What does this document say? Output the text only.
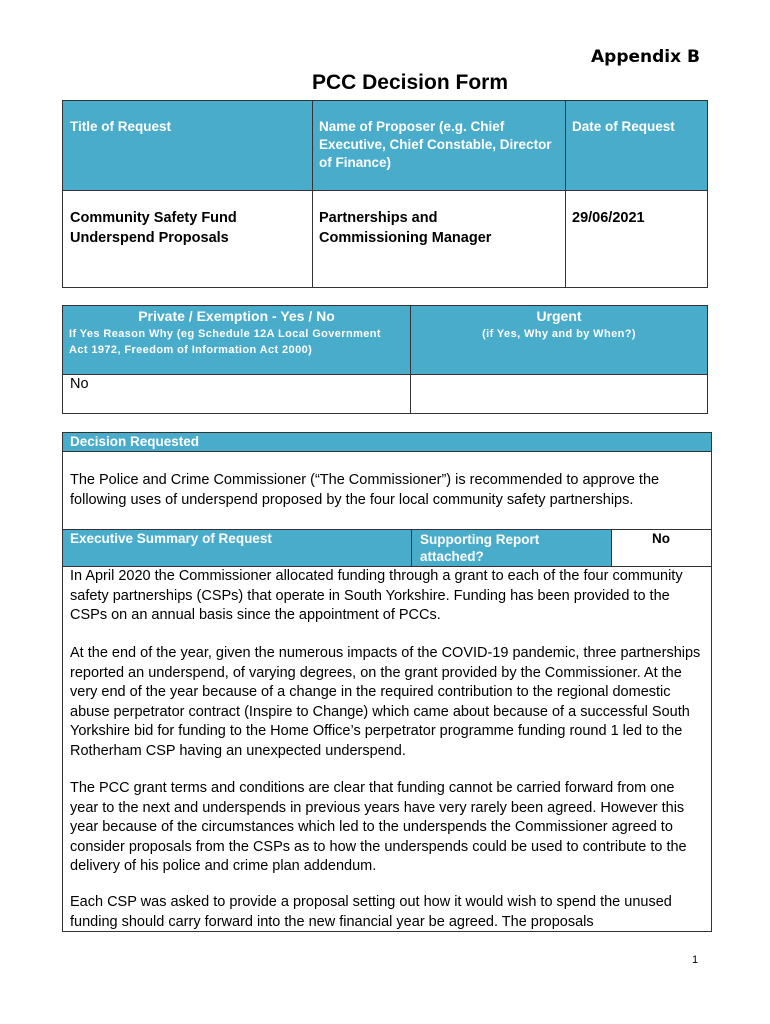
Appendix B
PCC Decision Form
Title of Request	Name of Proposer (e.g. Chief Executive, Chief Constable, Director of Finance)
Date of Request
Community Safety Fund Underspend Proposals
Partnerships and Commissioning Manager
29/06/2021
Private / Exemption - Yes / No
If Yes Reason Why (eg Schedule 12A Local Government Act 1972, Freedom of Information Act 2000)
Urgent
(if Yes, Why and by When?)
No
Decision Requested

The Police and Crime Commissioner (“The Commissioner”) is recommended to approve the following uses of underspend proposed by the four local community safety partnerships.

Executive Summary of Request	Supporting Report attached?
No

In April 2020 the Commissioner allocated funding through a grant to each of the four community safety partnerships (CSPs) that operate in South Yorkshire. Funding has been provided to the CSPs on an annual basis since the appointment of PCCs.

At the end of the year, given the numerous impacts of the COVID-19 pandemic, three partnerships reported an underspend, of varying degrees, on the grant provided by the Commissioner. At the very end of the year because of a change in the required contribution to the regional domestic abuse perpetrator contract (Inspire to Change) which came about because of a successful South Yorkshire bid for funding to the Home Office’s perpetrator programme funding round 1 led to the Rotherham CSP having an unexpected underspend.

The PCC grant terms and conditions are clear that funding cannot be carried forward from one year to the next and underspends in previous years have very rarely been agreed. However this year because of the circumstances which led to the underspends the Commissioner agreed to consider proposals from the CSPs as to how the underspends could be used to contribute to the delivery of his police and crime plan addendum.

Each CSP was asked to provide a proposal setting out how it would wish to spend the unused funding should carry forward into the new financial year be agreed. The proposals

1
